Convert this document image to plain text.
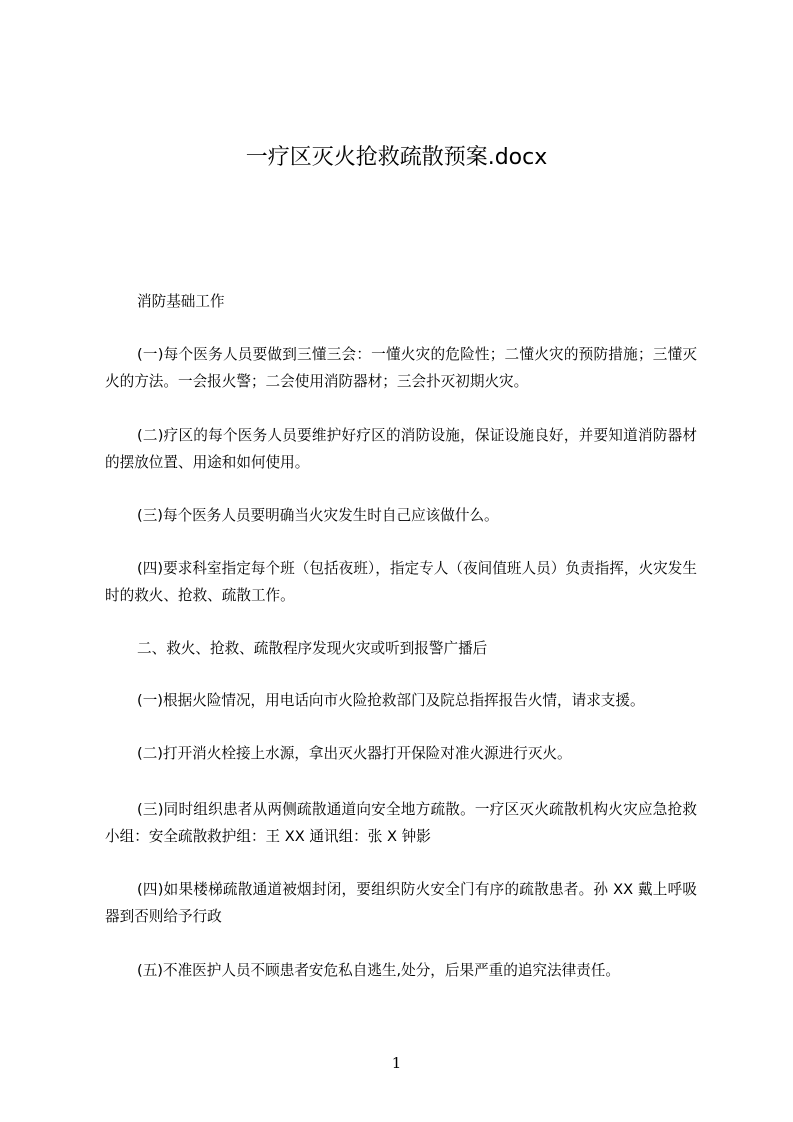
一疗区灭火抢救疏散预案.docx

消防基础工作

(一)每个医务人员要做到三懂三会：一懂火灾的危险性；二懂火灾的预防措施；三懂灭火的方法。一会报火警；二会使用消防器材；三会扑灭初期火灾。

(二)疗区的每个医务人员要维护好疗区的消防设施，保证设施良好，并要知道消防器材的摆放位置、用途和如何使用。

(三)每个医务人员要明确当火灾发生时自己应该做什么。

(四)要求科室指定每个班（包括夜班），指定专人（夜间值班人员）负责指挥，火灾发生时的救火、抢救、疏散工作。

二、救火、抢救、疏散程序发现火灾或听到报警广播后

(一)根据火险情况，用电话向市火险抢救部门及院总指挥报告火情，请求支援。

(二)打开消火栓接上水源，拿出灭火器打开保险对准火源进行灭火。

(三)同时组织患者从两侧疏散通道向安全地方疏散。一疗区灭火疏散机构火灾应急抢救小组：安全疏散救护组：王 XX 通讯组：张 X 钟影

(四)如果楼梯疏散通道被烟封闭，要组织防火安全门有序的疏散患者。孙 XX 戴上呼吸器到否则给予行政

(五)不准医护人员不顾患者安危私自逃生,处分，后果严重的追究法律责任。

1
